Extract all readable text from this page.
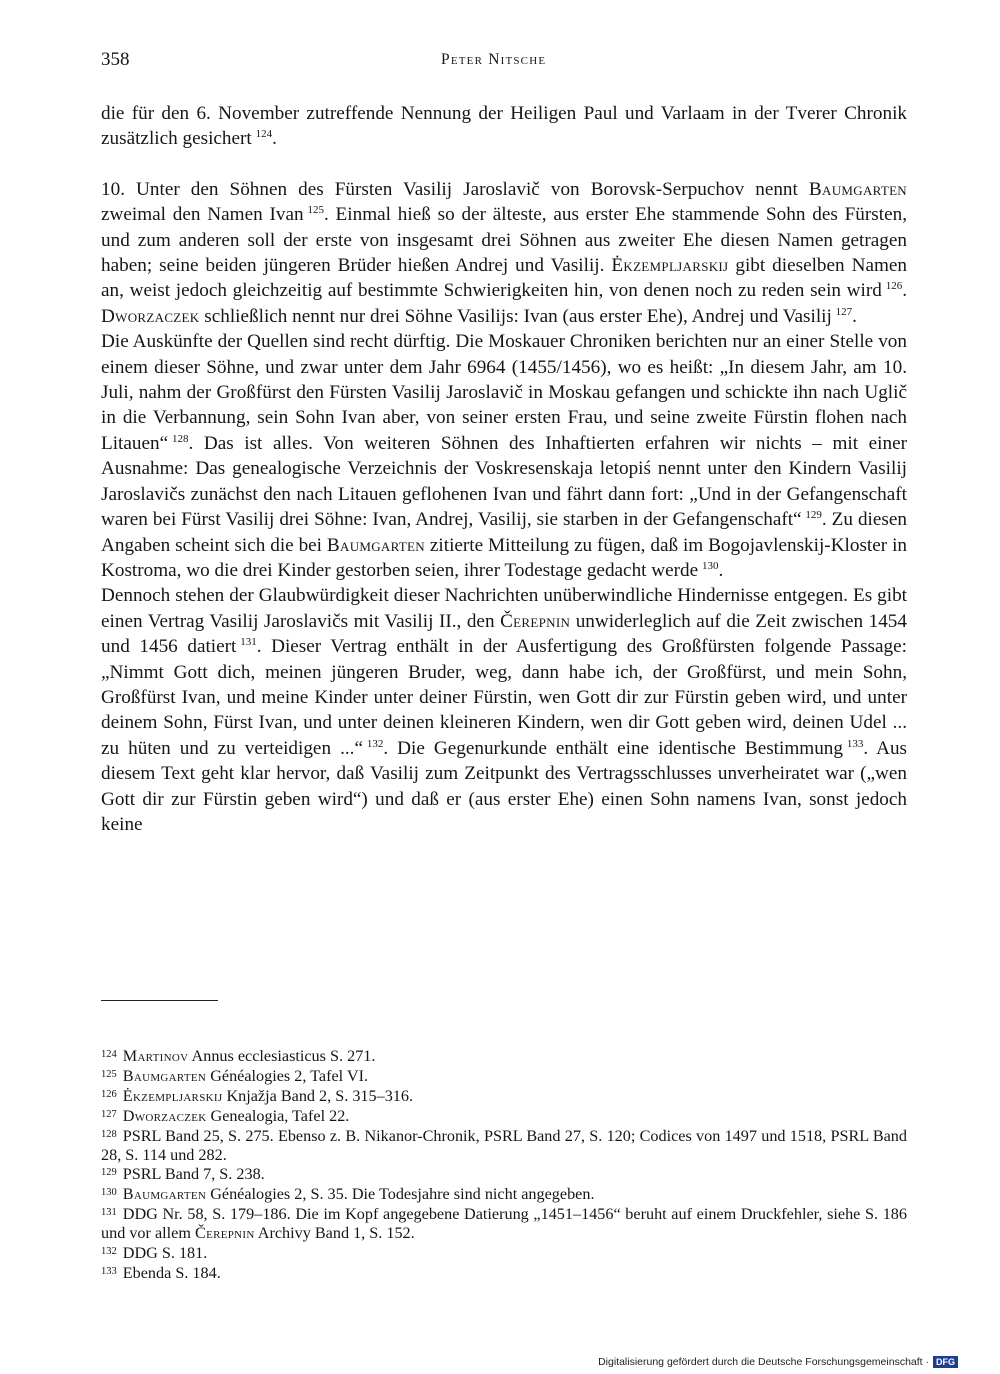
358	Peter Nitsche

die für den 6. November zutreffende Nennung der Heiligen Paul und Varlaam in der Tverer Chronik zusätzlich gesichert  $^{124}$.

10. Unter den Söhnen des Fürsten Vasilij Jaroslavič von Borovsk-Serpuchov nennt Baumgarten zweimal den Namen Ivan  $^{125}$. Einmal hieß so der älteste, aus erster Ehe stammende Sohn des Fürsten, und zum anderen soll der erste von insgesamt drei Söhnen aus zweiter Ehe diesen Namen getragen haben; seine beiden jüngeren Brüder hießen Andrej und Vasilij. Ėkzempljarskij gibt dieselben Namen an, weist jedoch gleichzeitig auf bestimmte Schwierigkeiten hin, von denen noch zu reden sein wird  $^{126}$. Dworzaczek schließlich nennt nur drei Söhne Vasilijs: Ivan (aus erster Ehe), Andrej und Vasilij  $^{127}$.

Die Auskünfte der Quellen sind recht dürftig. Die Moskauer Chroniken berichten nur an einer Stelle von einem dieser Söhne, und zwar unter dem Jahr 6964 (1455/1456), wo es heißt: „In diesem Jahr, am 10. Juli, nahm der Großfürst den Fürsten Vasilij Jaroslavič in Moskau gefangen und schickte ihn nach Uglič in die Verbannung, sein Sohn Ivan aber, von seiner ersten Frau, und seine zweite Fürstin flohen nach Litauen“  $^{128}$. Das ist alles. Von weiteren Söhnen des Inhaftierten erfahren wir nichts – mit einer Ausnahme: Das genealogische Verzeichnis der Voskresenskaja letopiś nennt unter den Kindern Vasilij Jaroslavičs zunächst den nach Litauen geflohenen Ivan und fährt dann fort: „Und in der Gefangenschaft waren bei Fürst Vasilij drei Söhne: Ivan, Andrej, Vasilij, sie starben in der Gefangenschaft“  $^{129}$. Zu diesen Angaben scheint sich die bei Baumgarten zitierte Mitteilung zu fügen, daß im Bogojavlenskij-Kloster in Kostroma, wo die drei Kinder gestorben seien, ihrer Todestage gedacht werde  $^{130}$.

Dennoch stehen der Glaubwürdigkeit dieser Nachrichten unüberwindliche Hindernisse entgegen. Es gibt einen Vertrag Vasilij Jaroslavičs mit Vasilij II., den Čerepnin unwiderleglich auf die Zeit zwischen 1454 und 1456 datiert  $^{131}$. Dieser Vertrag enthält in der Ausfertigung des Großfürsten folgende Passage: „Nimmt Gott dich, meinen jüngeren Bruder, weg, dann habe ich, der Großfürst, und mein Sohn, Großfürst Ivan, und meine Kinder unter deiner Fürstin, wen Gott dir zur Fürstin geben wird, und unter deinem Sohn, Fürst Ivan, und unter deinen kleineren Kindern, wen dir Gott geben wird, deinen Udel ... zu hüten und zu verteidigen ...“  $^{132}$. Die Gegenurkunde enthält eine identische Bestimmung  $^{133}$. Aus diesem Text geht klar hervor, daß Vasilij zum Zeitpunkt des Vertragsschlusses unverheiratet war („wen Gott dir zur Fürstin geben wird“) und daß er (aus erster Ehe) einen Sohn namens Ivan, sonst jedoch keine

$^{124}$ Martinov Annus ecclesiasticus S. 271.

$^{125}$ Baumgarten Généalogies 2, Tafel VI.

$^{126}$ Ėkzempljarskij Knjažja Band 2, S. 315–316.

$^{127}$ Dworzaczek Genealogia, Tafel 22.

$^{128}$ PSRL Band 25, S. 275. Ebenso z. B. Nikanor-Chronik, PSRL Band 27, S. 120; Codices von 1497 und 1518, PSRL Band 28, S. 114 und 282.

$^{129}$ PSRL Band 7, S. 238.

$^{130}$ Baumgarten Généalogies 2, S. 35. Die Todesjahre sind nicht angegeben.

$^{131}$ DDG Nr. 58, S. 179–186. Die im Kopf angegebene Datierung „1451–1456“ beruht auf einem Druckfehler, siehe S. 186 und vor allem Čerepnin Archivy Band 1, S. 152.

$^{132}$ DDG S. 181.

$^{133}$ Ebenda S. 184.

Digitalisierung gefördert durch die Deutsche Forschungsgemeinschaft · DFG
